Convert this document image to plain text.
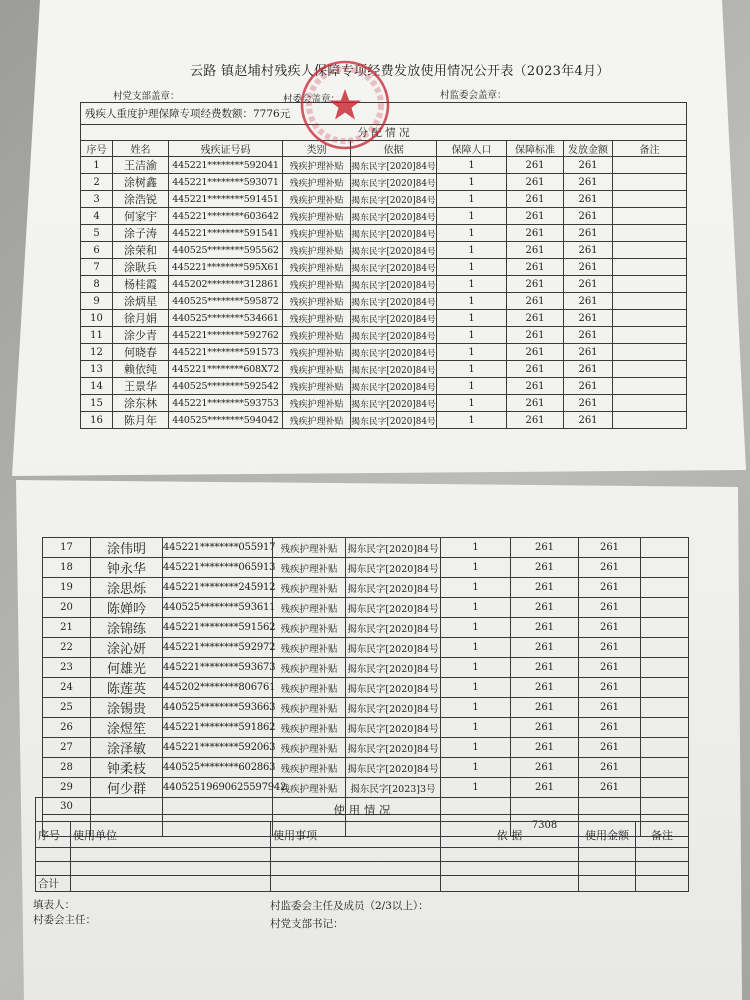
云路 镇赵埔村残疾人保障专项经费发放使用情况公开表（2023年4月）
村党支部盖章：	村委会盖章：	村监委会盖章：
残疾人重度护理保障专项经费数额：7776元								
分 配 情 况								
序号	姓名	残疾证号码	类别	依据	保障人口	保障标准	发放金额	备注
1	王洁渝	445221********592041	残疾护理补贴	揭东民字[2020]84号	1	261	261	
2	涂树鑫	445221********593071	残疾护理补贴	揭东民字[2020]84号	1	261	261	
3	涂浩锐	445221********591451	残疾护理补贴	揭东民字[2020]84号	1	261	261	
4	何家宇	445221********603642	残疾护理补贴	揭东民字[2020]84号	1	261	261	
5	涂子涛	445221********591541	残疾护理补贴	揭东民字[2020]84号	1	261	261	
6	涂荣和	440525********595562	残疾护理补贴	揭东民字[2020]84号	1	261	261	
7	涂耿兵	445221********595X61	残疾护理补贴	揭东民字[2020]84号	1	261	261	
8	杨桂霞	445202********312861	残疾护理补贴	揭东民字[2020]84号	1	261	261	
9	涂炳星	440525********595872	残疾护理补贴	揭东民字[2020]84号	1	261	261	
10	徐月娟	440525********534661	残疾护理补贴	揭东民字[2020]84号	1	261	261	
11	涂少青	445221********592762	残疾护理补贴	揭东民字[2020]84号	1	261	261	
12	何晓春	445221********591573	残疾护理补贴	揭东民字[2020]84号	1	261	261	
13	赖依纯	445221********608X72	残疾护理补贴	揭东民字[2020]84号	1	261	261	
14	王景华	440525********592542	残疾护理补贴	揭东民字[2020]84号	1	261	261	
15	涂东林	445221********593753	残疾护理补贴	揭东民字[2020]84号	1	261	261	
16	陈月年	440525********594042	残疾护理补贴	揭东民字[2020]84号	1	261	261	
17	涂伟明	445221********055917	残疾护理补贴	揭东民字[2020]84号	1	261	261	
18	钟永华	445221********065913	残疾护理补贴	揭东民字[2020]84号	1	261	261	
19	涂思烁	445221********245912	残疾护理补贴	揭东民字[2020]84号	1	261	261	
20	陈婵吟	440525********593611	残疾护理补贴	揭东民字[2020]84号	1	261	261	
21	涂锦练	445221********591562	残疾护理补贴	揭东民字[2020]84号	1	261	261	
22	涂沁妍	445221********592972	残疾护理补贴	揭东民字[2020]84号	1	261	261	
23	何雄光	445221********593673	残疾护理补贴	揭东民字[2020]84号	1	261	261	
24	陈莲英	445202********806761	残疾护理补贴	揭东民字[2020]84号	1	261	261	
25	涂锡贵	440525********593663	残疾护理补贴	揭东民字[2020]84号	1	261	261	
26	涂煜笙	445221********591862	残疾护理补贴	揭东民字[2020]84号	1	261	261	
27	涂泽敏	445221********592063	残疾护理补贴	揭东民字[2020]84号	1	261	261	
28	钟柔枝	440525********602863	残疾护理补贴	揭东民字[2020]84号	1	261	261	
29	何少群	44052519690625597942	残疾护理补贴	揭东民字[2023]3号	1	261	261	
30								
						7308		
使 用 情 况					
序号	使用单位	使用事项	依 据	使用金额	备注

合计					
填表人：	村监委会主任及成员（2/3以上）：
村委会主任：	村党支部书记：
